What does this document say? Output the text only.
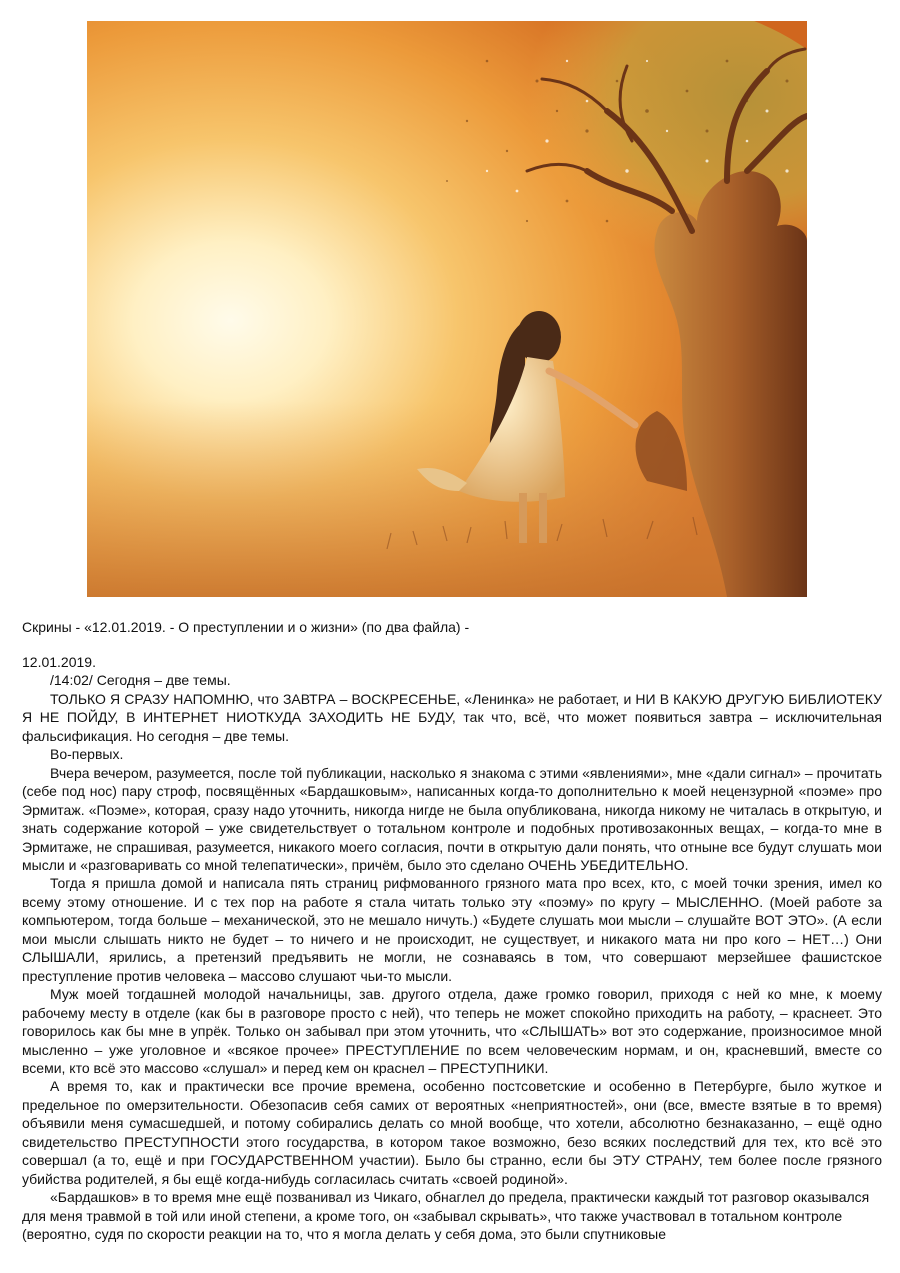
Скрины - «12.01.2019. - О преступлении и о жизни» (по два файла) -
12.01.2019.

/14:02/ Сегодня – две темы.

ТОЛЬКО Я СРАЗУ НАПОМНЮ, что ЗАВТРА – ВОСКРЕСЕНЬЕ, «Ленинка» не работает, и НИ В КАКУЮ ДРУГУЮ БИБЛИОТЕКУ Я НЕ ПОЙДУ, В ИНТЕРНЕТ НИОТКУДА ЗАХОДИТЬ НЕ БУДУ, так что, всё, что может появиться завтра – исключительная фальсификация. Но сегодня – две темы.

Во-первых.

Вчера вечером, разумеется, после той публикации, насколько я знакома с этими «явлениями», мне «дали сигнал» – прочитать (себе под нос) пару строф, посвящённых «Бардашковым», написанных когда-то дополнительно к моей нецензурной «поэме» про Эрмитаж. «Поэме», которая, сразу надо уточнить, никогда нигде не была опубликована, никогда никому не читалась в открытую, и знать содержание которой – уже свидетельствует о тотальном контроле и подобных противозаконных вещах, – когда-то мне в Эрмитаже, не спрашивая, разумеется, никакого моего согласия, почти в открытую дали понять, что отныне все будут слушать мои мысли и «разговаривать со мной телепатически», причём, было это сделано ОЧЕНЬ УБЕДИТЕЛЬНО.

Тогда я пришла домой и написала пять страниц рифмованного грязного мата про всех, кто, с моей точки зрения, имел ко всему этому отношение. И с тех пор на работе я стала читать только эту «поэму» по кругу – МЫСЛЕННО. (Моей работе за компьютером, тогда больше – механической, это не мешало ничуть.) «Будете слушать мои мысли – слушайте ВОТ ЭТО». (А если мои мысли слышать никто не будет – то ничего и не происходит, не существует, и никакого мата ни про кого – НЕТ…) Они СЛЫШАЛИ, ярились, а претензий предъявить не могли, не сознаваясь в том, что совершают мерзейшее фашистское преступление против человека – массово слушают чьи-то мысли.

Муж моей тогдашней молодой начальницы, зав. другого отдела, даже громко говорил, приходя с ней ко мне, к моему рабочему месту в отделе (как бы в разговоре просто с ней), что теперь не может спокойно приходить на работу, – краснеет. Это говорилось как бы мне в упрёк. Только он забывал при этом уточнить, что «СЛЫШАТЬ» вот это содержание, произносимое мной мысленно – уже уголовное и «всякое прочее» ПРЕСТУПЛЕНИЕ по всем человеческим нормам, и он, красневший, вместе со всеми, кто всё это массово «слушал» и перед кем он краснел – ПРЕСТУПНИКИ.

А время то, как и практически все прочие времена, особенно постсоветские и особенно в Петербурге, было жуткое и предельное по омерзительности. Обезопасив себя самих от вероятных «неприятностей», они (все, вместе взятые в то время) объявили меня сумасшедшей, и потому собирались делать со мной вообще, что хотели, абсолютно безнаказанно, – ещё одно свидетельство ПРЕСТУПНОСТИ этого государства, в котором такое возможно, безо всяких последствий для тех, кто всё это совершал (а то, ещё и при ГОСУДАРСТВЕННОМ участии). Было бы странно, если бы ЭТУ СТРАНУ, тем более после грязного убийства родителей, я бы ещё когда-нибудь согласилась считать «своей родиной».

«Бардашков» в то время мне ещё позванивал из Чикаго, обнаглел до предела, практически каждый тот разговор оказывался для меня травмой в той или иной степени, а кроме того, он «забывал скрывать», что также участвовал в тотальном контроле (вероятно, судя по скорости реакции на то, что я могла делать у себя дома, это были спутниковые
